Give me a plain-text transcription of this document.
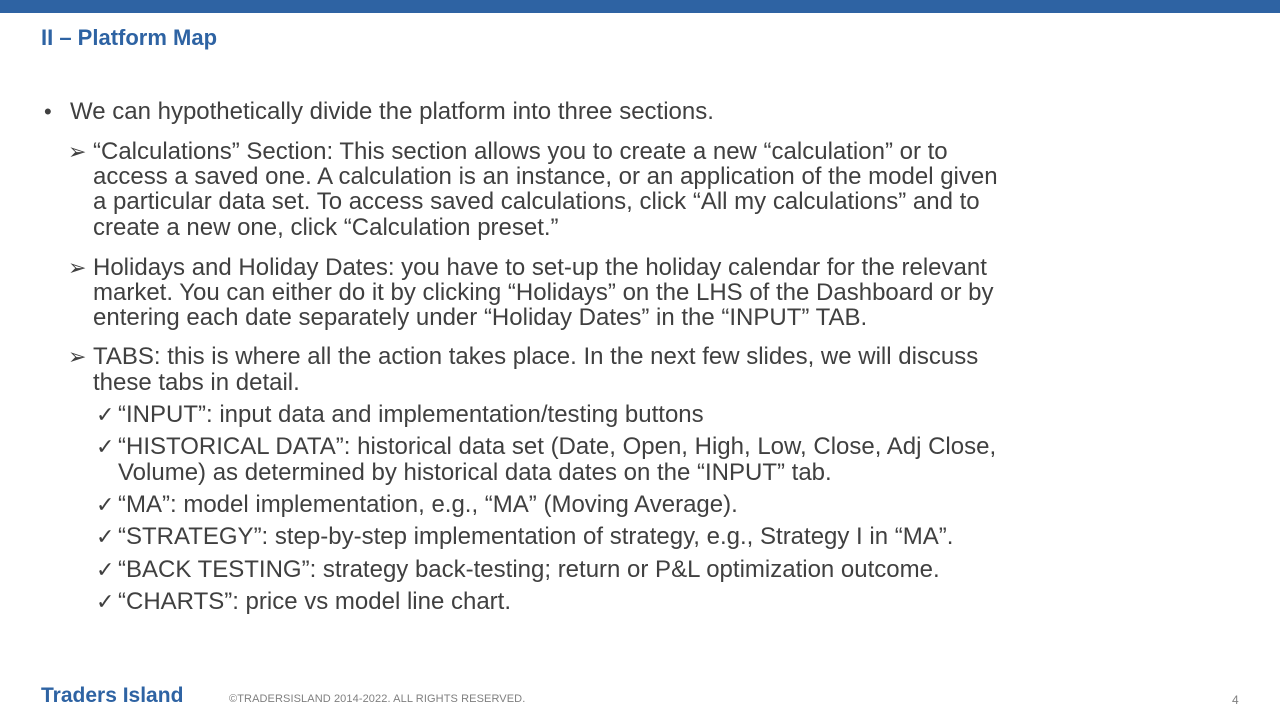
II – Platform Map
• We can hypothetically divide the platform into three sections.
➢ “Calculations” Section: This section allows you to create a new “calculation” or to
access a saved one. A calculation is an instance, or an application of the model given
a particular data set. To access saved calculations, click “All my calculations” and to
create a new one, click “Calculation preset.”
➢ Holidays and Holiday Dates: you have to set-up the holiday calendar for the relevant
market. You can either do it by clicking “Holidays” on the LHS of the Dashboard or by
entering each date separately under “Holiday Dates” in the “INPUT” TAB.
➢ TABS: this is where all the action takes place. In the next few slides, we will discuss
these tabs in detail.
✓ “INPUT”: input data and implementation/testing buttons
✓ “HISTORICAL DATA”: historical data set (Date, Open, High, Low, Close, Adj Close,
Volume) as determined by historical data dates on the “INPUT” tab.
✓ “MA”: model implementation, e.g., “MA” (Moving Average).
✓ “STRATEGY”: step-by-step implementation of strategy, e.g., Strategy I in “MA”.
✓ “BACK TESTING”: strategy back-testing; return or P&L optimization outcome.
✓ “CHARTS”: price vs model line chart.
Traders Island	©TRADERSISLAND 2014-2022. ALL RIGHTS RESERVED.	4
